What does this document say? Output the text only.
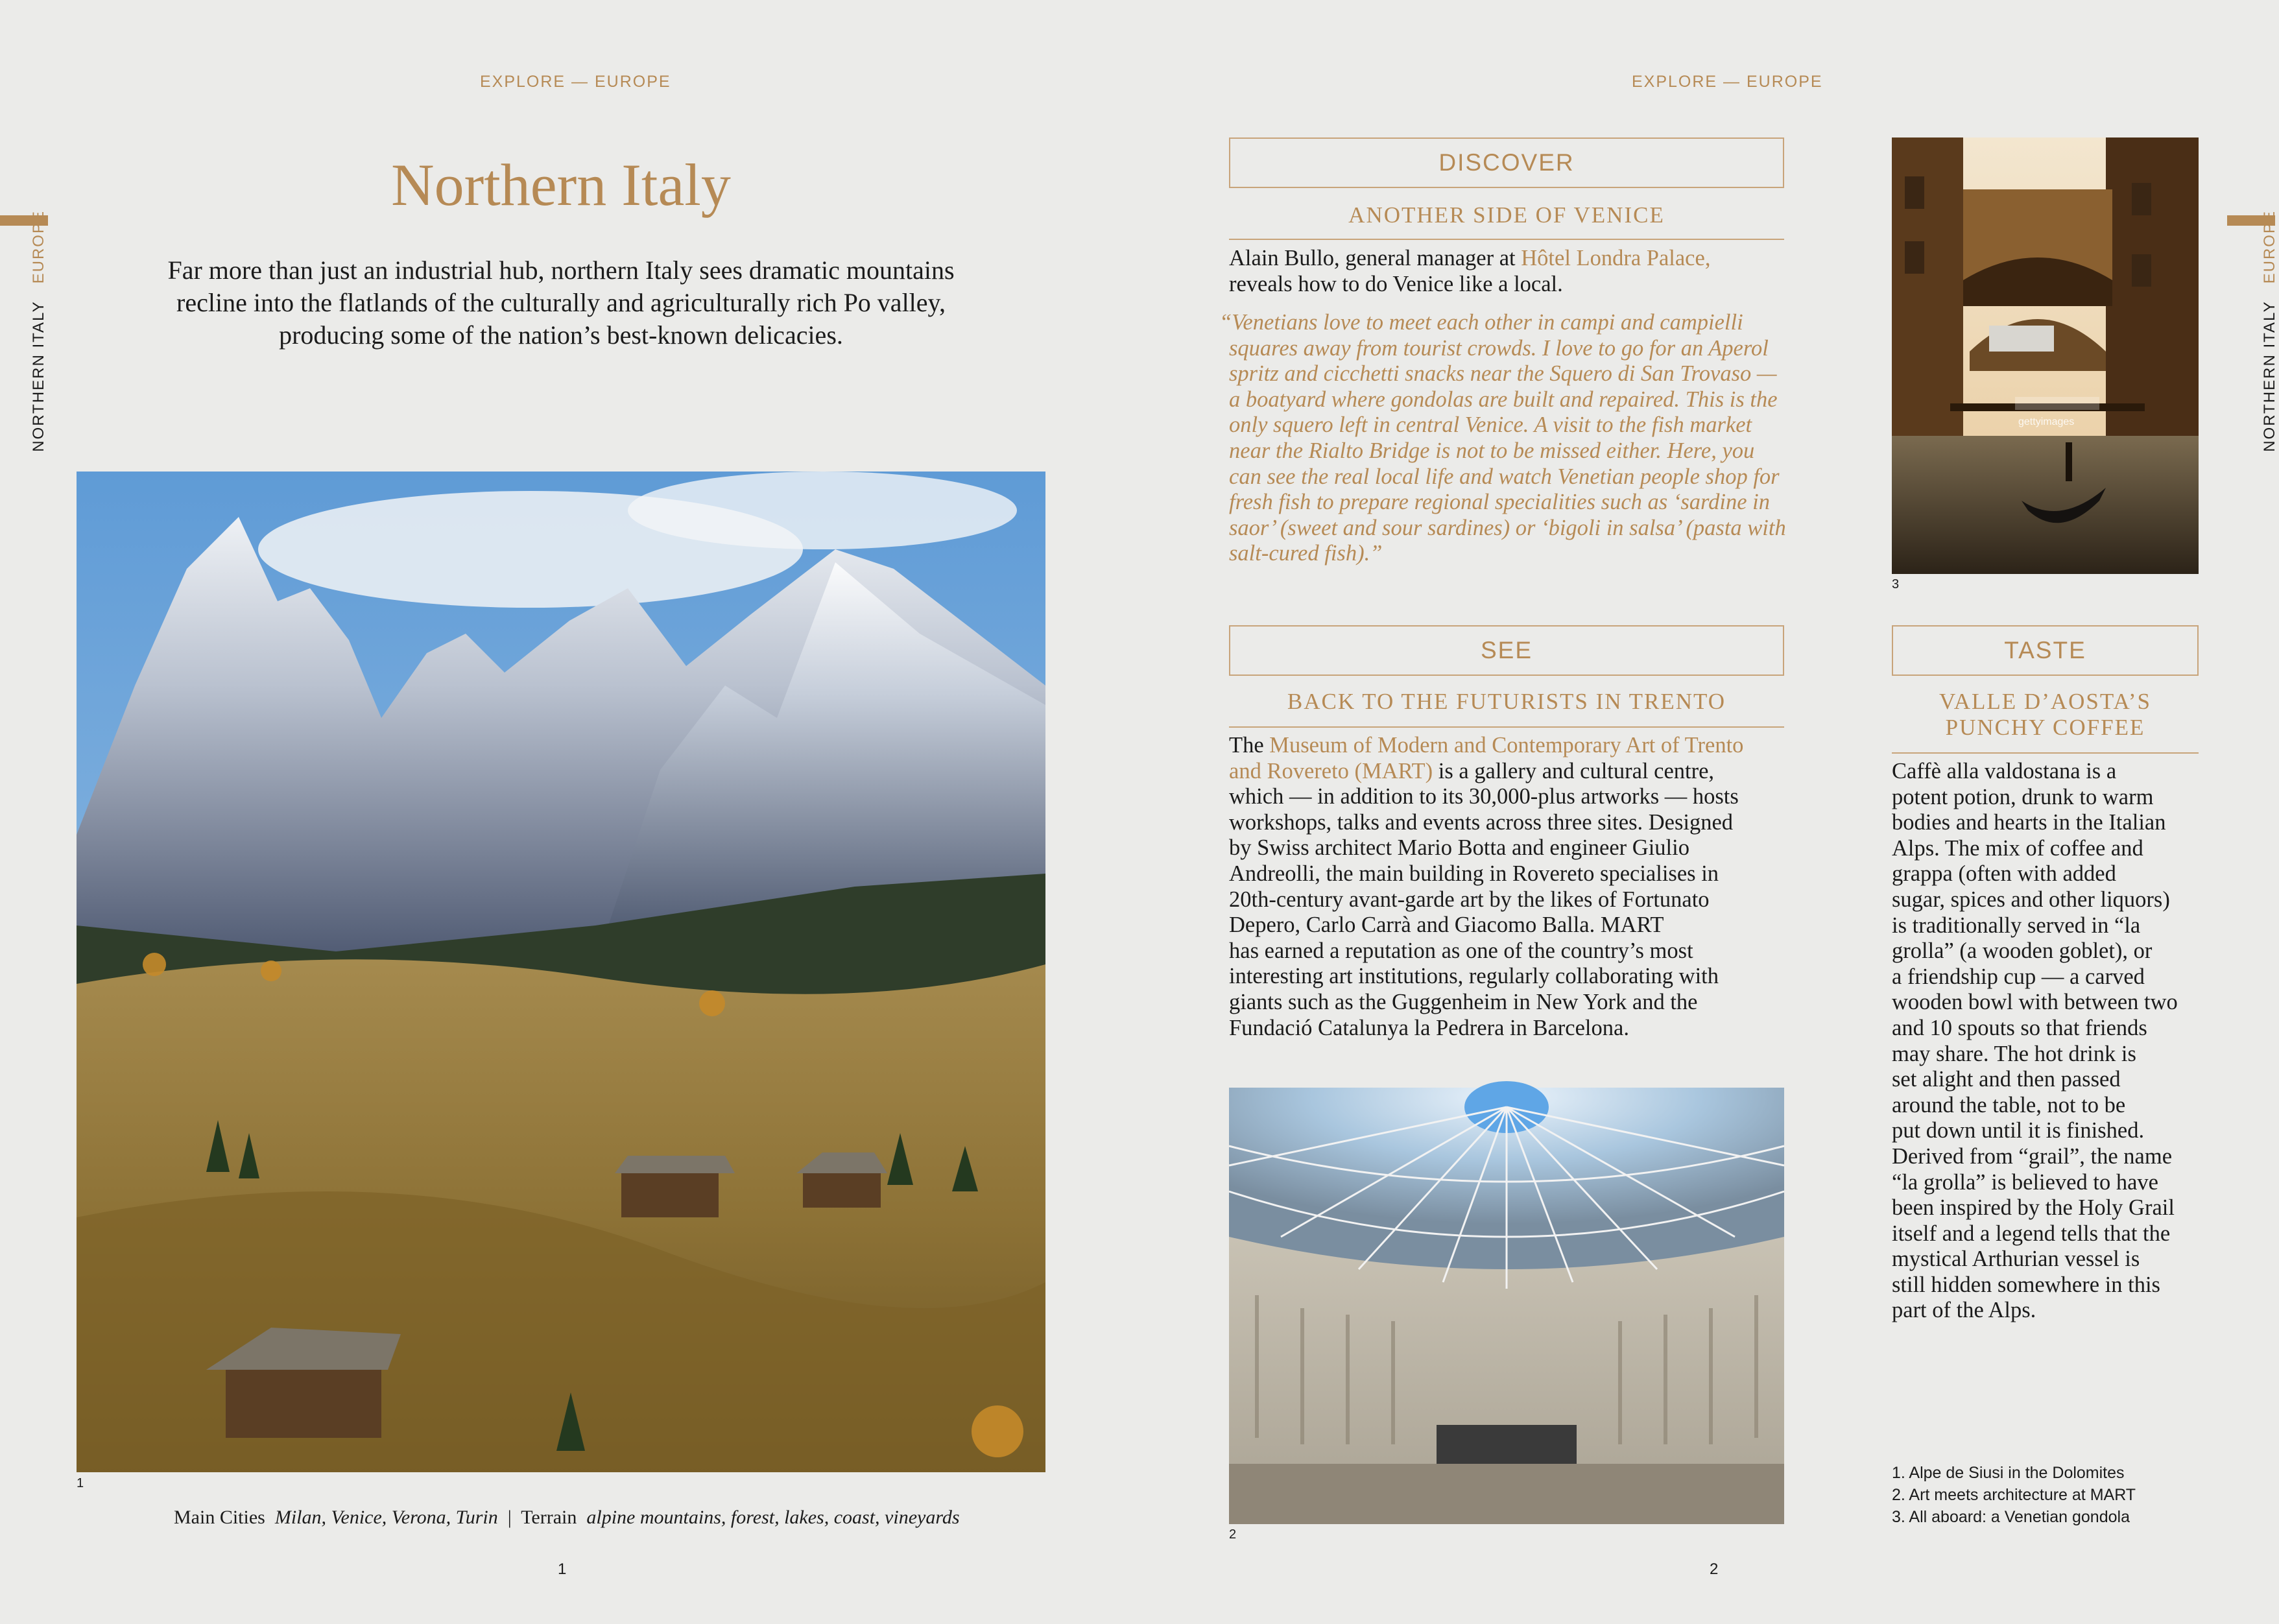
EXPLORE — EUROPE	EXPLORE — EUROPE
NORTHERN ITALY   EUROPE
NORTHERN ITALY   EUROPE
Northern Italy
Far more than just an industrial hub, northern Italy sees dramatic mountains recline into the flatlands of the culturally and agriculturally rich Po valley, producing some of the nation’s best-known delicacies.
1
Main Cities Milan, Venice, Verona, Turin | Terrain alpine mountains, forest, lakes, coast, vineyards
1	2
DISCOVER
ANOTHER SIDE OF VENICE
Alain Bullo, general manager at Hôtel Londra Palace,
reveals how to do Venice like a local.
“Venetians love to meet each other in campi and campielli
squares away from tourist crowds. I love to go for an Aperol
spritz and cicchetti snacks near the Squero di San Trovaso —
a boatyard where gondolas are built and repaired. This is the
only squero left in central Venice. A visit to the fish market
near the Rialto Bridge is not to be missed either. Here, you
can see the real local life and watch Venetian people shop for
fresh fish to prepare regional specialities such as ‘sardine in
saor’ (sweet and sour sardines) or ‘bigoli in salsa’ (pasta with
salt-cured fish).”
gettyimages
3
SEE
BACK TO THE FUTURISTS IN TRENTO
The Museum of Modern and Contemporary Art of Trento
and Rovereto (MART) is a gallery and cultural centre,
which — in addition to its 30,000-plus artworks — hosts
workshops, talks and events across three sites. Designed
by Swiss architect Mario Botta and engineer Giulio
Andreolli, the main building in Rovereto specialises in
20th-century avant-garde art by the likes of Fortunato
Depero, Carlo Carrà and Giacomo Balla. MART
has earned a reputation as one of the country’s most
interesting art institutions, regularly collaborating with
giants such as the Guggenheim in New York and the
Fundació Catalunya la Pedrera in Barcelona.
2
TASTE
VALLE D’AOSTA’S
PUNCHY COFFEE
Caffè alla valdostana is a
potent potion, drunk to warm
bodies and hearts in the Italian
Alps. The mix of coffee and
grappa (often with added
sugar, spices and other liquors)
is traditionally served in “la
grolla” (a wooden goblet), or
a friendship cup — a carved
wooden bowl with between two
and 10 spouts so that friends
may share. The hot drink is
set alight and then passed
around the table, not to be
put down until it is finished.
Derived from “grail”, the name
“la grolla” is believed to have
been inspired by the Holy Grail
itself and a legend tells that the
mystical Arthurian vessel is
still hidden somewhere in this
part of the Alps.
1. Alpe de Siusi in the Dolomites
2. Art meets architecture at MART
3. All aboard: a Venetian gondola
